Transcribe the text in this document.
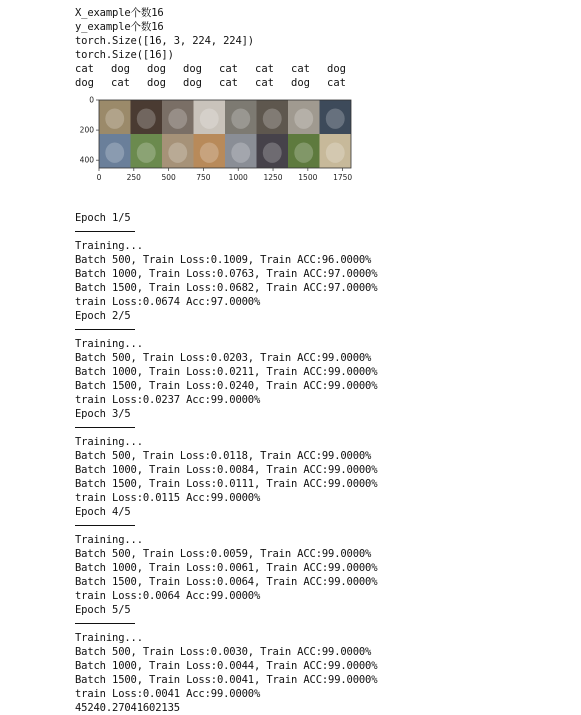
X_example个数16
y_example个数16
torch.Size([16, 3, 224, 224])
torch.Size([16])
cat	dog	dog	dog	cat	cat	cat	dog
dog	cat	dog	dog	cat	cat	dog	cat
0
200
400
0	250	500	750 1000 1250 1500 1750
Epoch 1/5
Training...
Batch 500, Train Loss:0.1009, Train ACC:96.0000%
Batch 1000, Train Loss:0.0763, Train ACC:97.0000%
Batch 1500, Train Loss:0.0682, Train ACC:97.0000%
train Loss:0.0674 Acc:97.0000%
Epoch 2/5
Training...
Batch 500, Train Loss:0.0203, Train ACC:99.0000%
Batch 1000, Train Loss:0.0211, Train ACC:99.0000%
Batch 1500, Train Loss:0.0240, Train ACC:99.0000%
train Loss:0.0237 Acc:99.0000%
Epoch 3/5
Training...
Batch 500, Train Loss:0.0118, Train ACC:99.0000%
Batch 1000, Train Loss:0.0084, Train ACC:99.0000%
Batch 1500, Train Loss:0.0111, Train ACC:99.0000%
train Loss:0.0115 Acc:99.0000%
Epoch 4/5
Training...
Batch 500, Train Loss:0.0059, Train ACC:99.0000%
Batch 1000, Train Loss:0.0061, Train ACC:99.0000%
Batch 1500, Train Loss:0.0064, Train ACC:99.0000%
train Loss:0.0064 Acc:99.0000%
Epoch 5/5
Training...
Batch 500, Train Loss:0.0030, Train ACC:99.0000%
Batch 1000, Train Loss:0.0044, Train ACC:99.0000%
Batch 1500, Train Loss:0.0041, Train ACC:99.0000%
train Loss:0.0041 Acc:99.0000%
45240.27041602135
